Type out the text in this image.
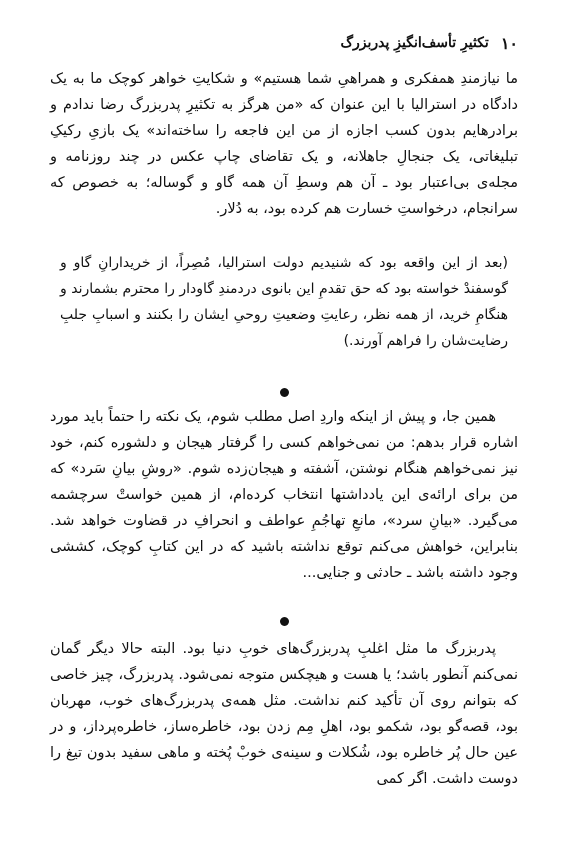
۱۰
تکثیرِ تأسف‌انگیزِ پدربزرگ

ما نیازمندِ همفکری و همراهیِ شما هستیم» و شکایتِ خواهر کوچک ما به یک دادگاه در استرالیا با این عنوان که «من هرگز به تکثیرِ پدربزرگ رضا ندادم و برادرهایم بدون کسب اجازه از من این فاجعه را ساخته‌اند» یک بازیِ رکیکِ تبلیغاتی، یک جنجالِ جاهلانه، و یک تقاضای چاپ عکس در چند روزنامه و مجله‌ی بی‌اعتبار بود ـ آن هم وسطِ آن همه گاو و گوساله؛ به خصوص که سرانجام، درخواستِ خسارت هم کرده بود، به دُلار.

(بعد از این واقعه بود که شنیدیم دولت استرالیا، مُصِراً، از خریدارانِ گاو و گوسفندْ خواسته بود که حق تقدمِ این بانوی دردمندِ گاودار را محترم بشمارند و هنگامِ خرید، از همه نظر، رعایتِ وضعیتِ روحیِ ایشان را بکنند و اسبابِ جلبِ رضایت‌شان را فراهم آورند.)

همین جا، و پیش از اینکه واردِ اصل مطلب شوم، یک نکته را حتماً باید مورد اشاره قرار بدهم: من نمی‌خواهم کسی را گرفتار هیجان و دلشوره کنم، خود نیز نمی‌خواهم هنگام نوشتن، آشفته و هیجان‌زده شوم. «روشِ بیانِ سَرد» که من برای ارائه‌ی این یادداشتها انتخاب کرده‌ام، از همین خواستْ سرچشمه می‌گیرد. «بیانِ سرد»، مانعِ تهاجُمِ عواطف و انحرافِ در قضاوت خواهد شد. بنابراین، خواهش می‌کنم توقع نداشته باشید که در این کتابِ کوچک، کششی وجود داشته باشد ـ حادثی و جنایی...

پدربزرگ ما مثل اغلبِ پدربزرگ‌های خوبِ دنیا بود. البته حالا دیگر گمان نمی‌کنم آنطور باشد؛ یا هست و هیچکس متوجه نمی‌شود. پدربزرگ، چیز خاصی که بتوانم روی آن تأکید کنم نداشت. مثل همه‌ی پدربزرگ‌های خوب، مهربان بود، قصه‌گو بود، شکمو بود، اهلِ مِم زدن بود، خاطره‌ساز، خاطره‌پرداز، و در عین حال پُر خاطره بود، شُکلات و سینه‌ی خوبْ پُخته و ماهی سفید بدون تیغ را دوست داشت. اگر کمی
